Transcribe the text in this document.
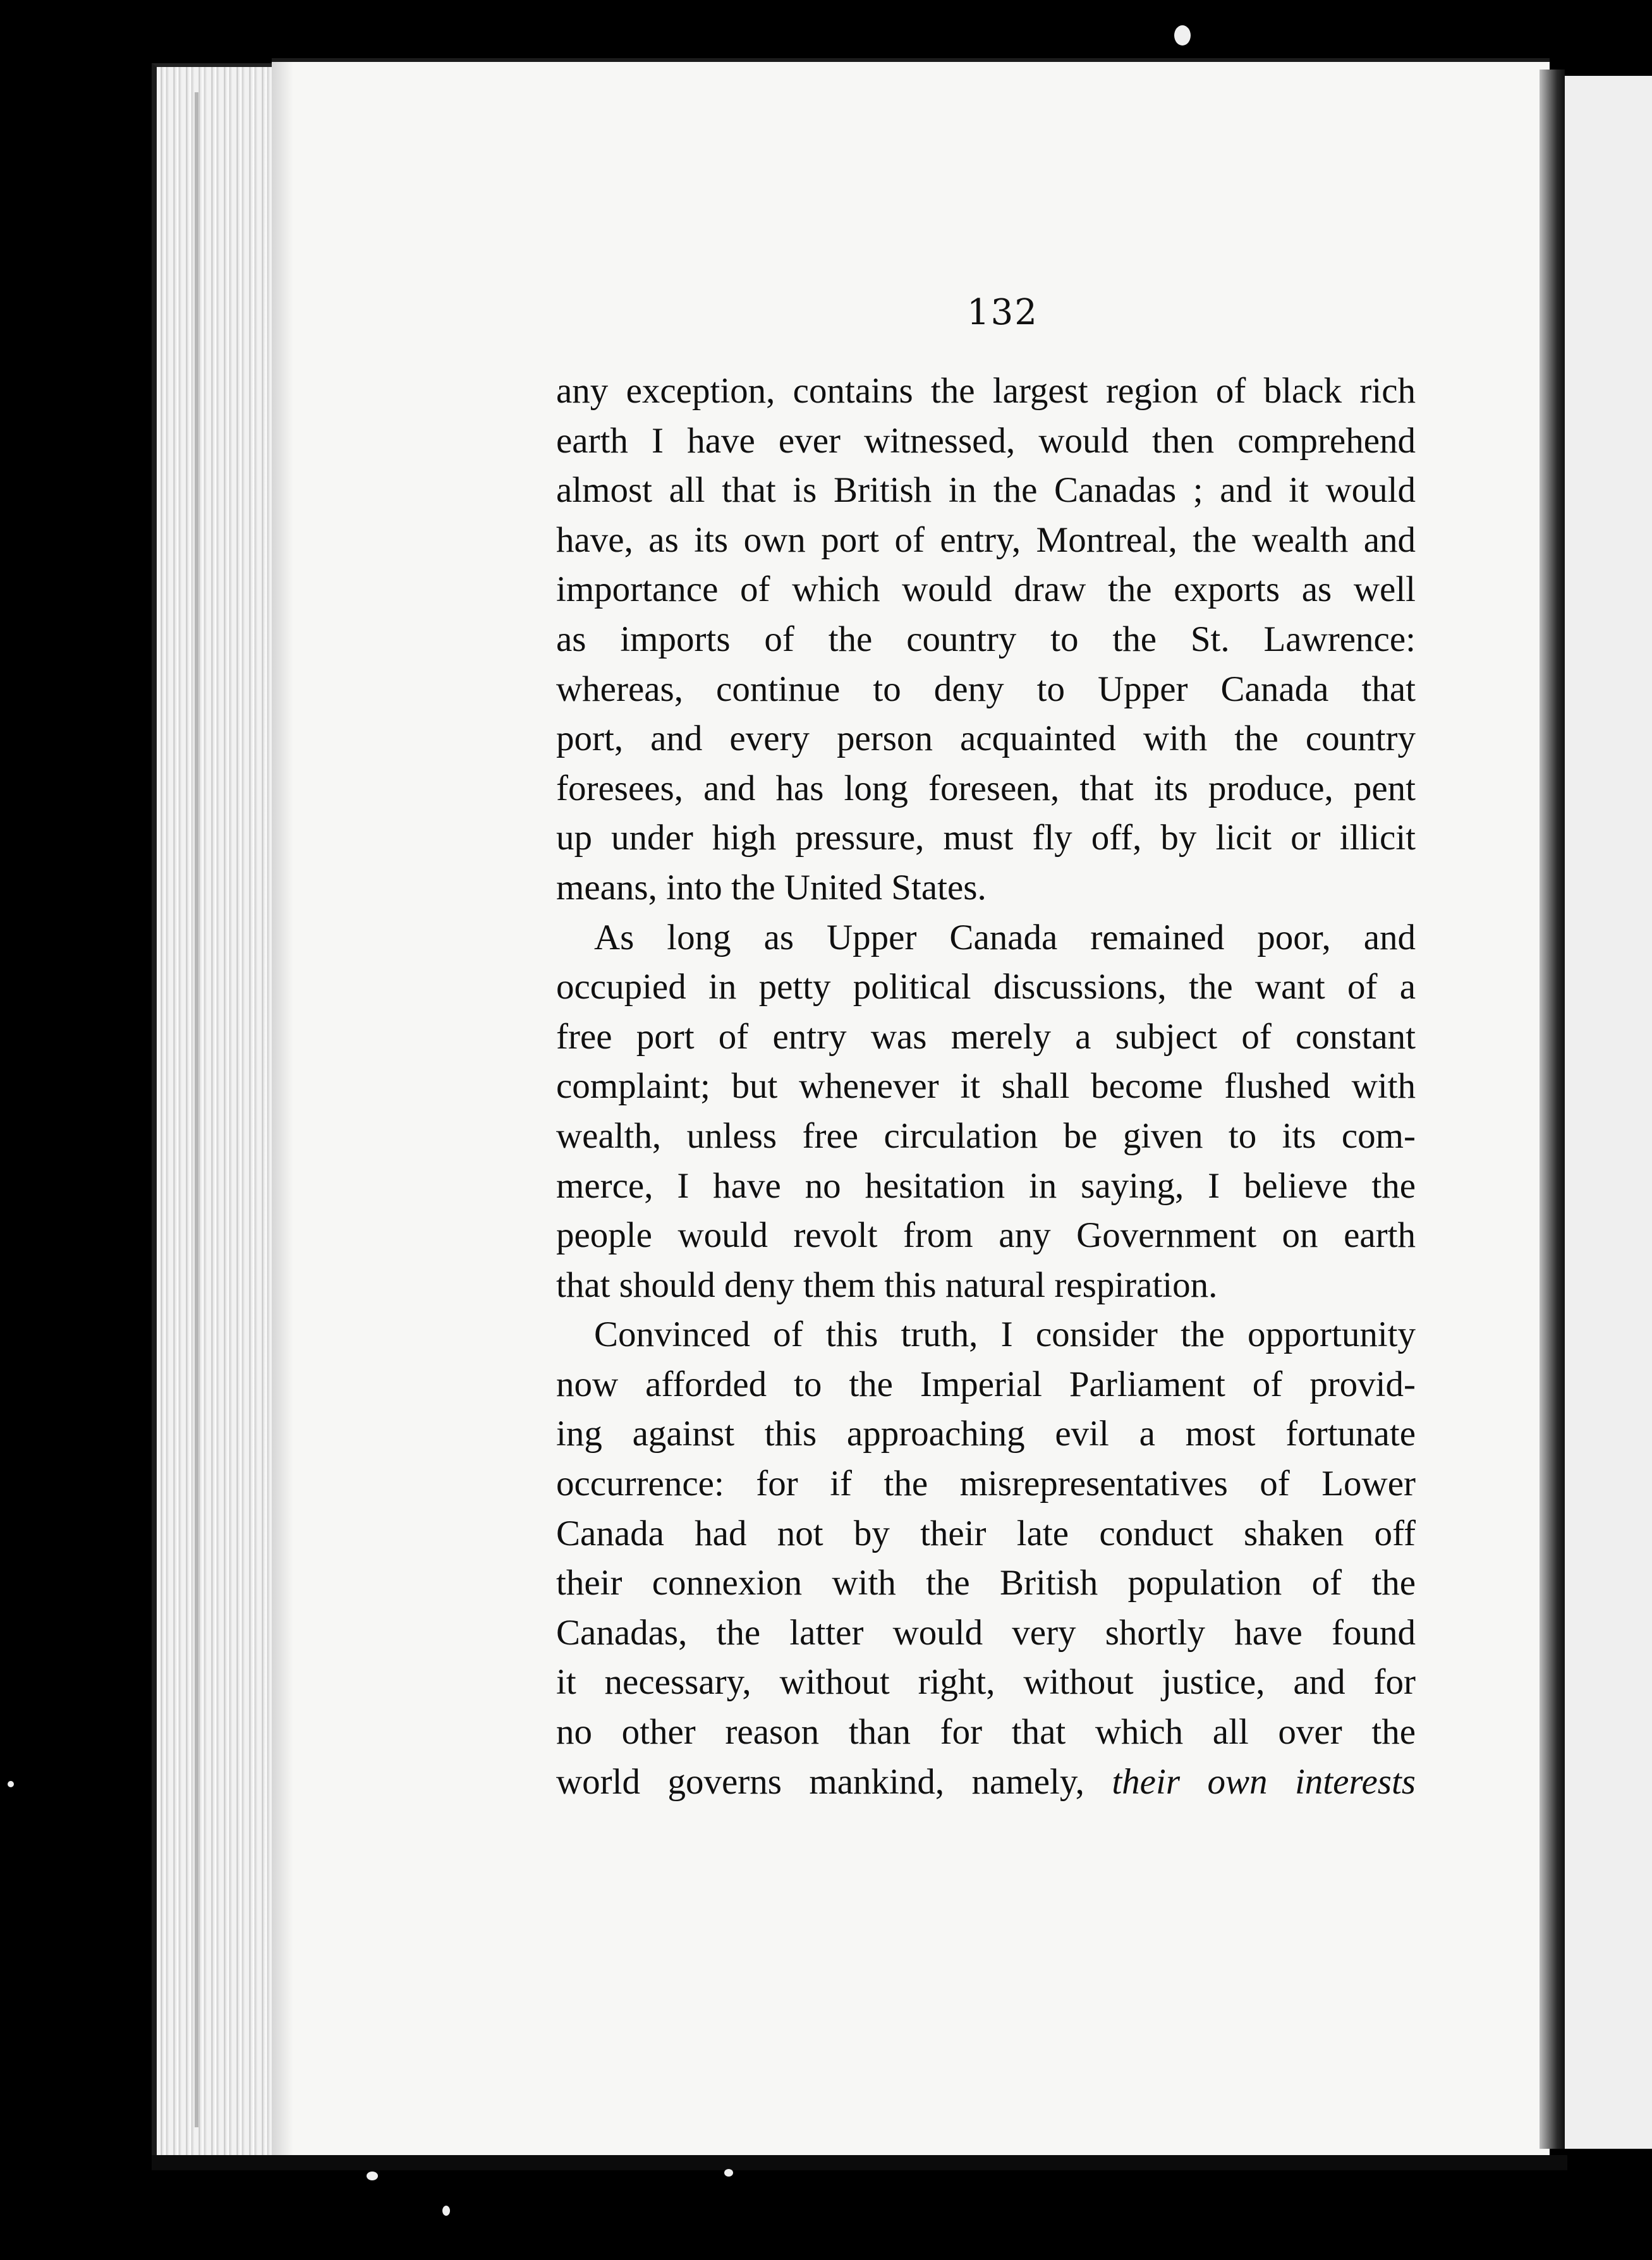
132
any exception, contains the largest region of black rich
earth I have ever witnessed, would then comprehend
almost all that is British in the Canadas ; and it would
have, as its own port of entry, Montreal, the wealth and
importance of which would draw the exports as well
as imports of the country to the St. Lawrence:
whereas, continue to deny to Upper Canada that
port, and every person acquainted with the country
foresees, and has long foreseen, that its produce, pent
up under high pressure, must fly off, by licit or illicit
means, into the United States.
As long as Upper Canada remained poor, and
occupied in petty political discussions, the want of a
free port of entry was merely a subject of constant
complaint; but whenever it shall become flushed with
wealth, unless free circulation be given to its com-
merce, I have no hesitation in saying, I believe the
people would revolt from any Government on earth
that should deny them this natural respiration.
Convinced of this truth, I consider the opportunity
now afforded to the Imperial Parliament of provid-
ing against this approaching evil a most fortunate
occurrence: for if the misrepresentatives of Lower
Canada had not by their late conduct shaken off
their connexion with the British population of the
Canadas, the latter would very shortly have found
it necessary, without right, without justice, and for
no other reason than for that which all over the
world governs mankind, namely, their own interests
